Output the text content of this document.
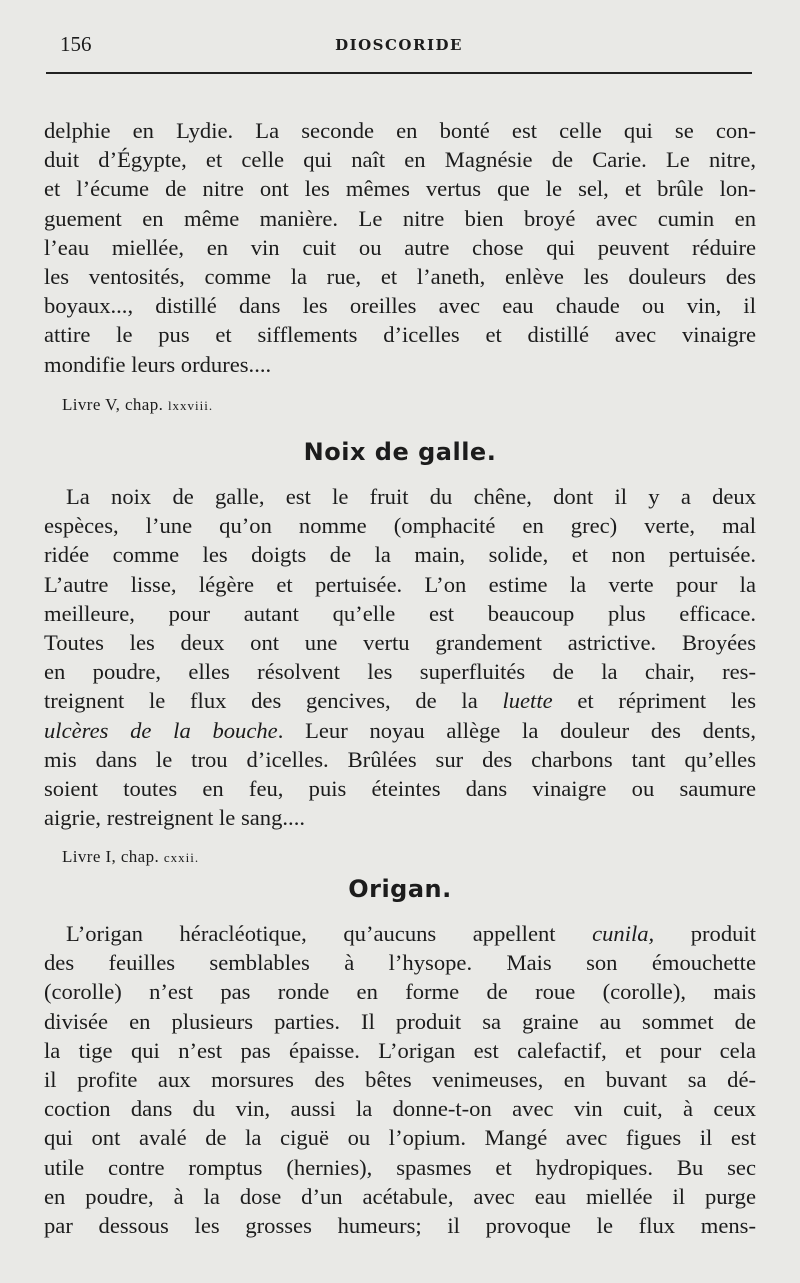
156	DIOSCORIDE
delphie en Lydie. La seconde en bonté est celle qui se con-
duit d’Égypte, et celle qui naît en Magnésie de Carie. Le nitre,
et l’écume de nitre ont les mêmes vertus que le sel, et brûle lon-
guement en même manière. Le nitre bien broyé avec cumin en
l’eau miellée, en vin cuit ou autre chose qui peuvent réduire
les ventosités, comme la rue, et l’aneth, enlève les douleurs des
boyaux..., distillé dans les oreilles avec eau chaude ou vin, il
attire le pus et sifflements d’icelles et distillé avec vinaigre
mondifie leurs ordures....
Livre V, chap. lxxviii.
Noix de galle.
La noix de galle, est le fruit du chêne, dont il y a deux
espèces, l’une qu’on nomme (omphacité en grec) verte, mal
ridée comme les doigts de la main, solide, et non pertuisée.
L’autre lisse, légère et pertuisée. L’on estime la verte pour la
meilleure, pour autant qu’elle est beaucoup plus efficace.
Toutes les deux ont une vertu grandement astrictive. Broyées
en poudre, elles résolvent les superfluités de la chair, res-
treignent le flux des gencives, de la luette et répriment les
ulcères de la bouche. Leur noyau allège la douleur des dents,
mis dans le trou d’icelles. Brûlées sur des charbons tant qu’elles
soient toutes en feu, puis éteintes dans vinaigre ou saumure
aigrie, restreignent le sang....
Livre I, chap. cxxii.
Origan.
L’origan héracléotique, qu’aucuns appellent cunila, produit
des feuilles semblables à l’hysope. Mais son émouchette
(corolle) n’est pas ronde en forme de roue (corolle), mais
divisée en plusieurs parties. Il produit sa graine au sommet de
la tige qui n’est pas épaisse. L’origan est calefactif, et pour cela
il profite aux morsures des bêtes venimeuses, en buvant sa dé-
coction dans du vin, aussi la donne-t-on avec vin cuit, à ceux
qui ont avalé de la ciguë ou l’opium. Mangé avec figues il est
utile contre romptus (hernies), spasmes et hydropiques. Bu sec
en poudre, à la dose d’un acétabule, avec eau miellée il purge
par dessous les grosses humeurs; il provoque le flux mens-
